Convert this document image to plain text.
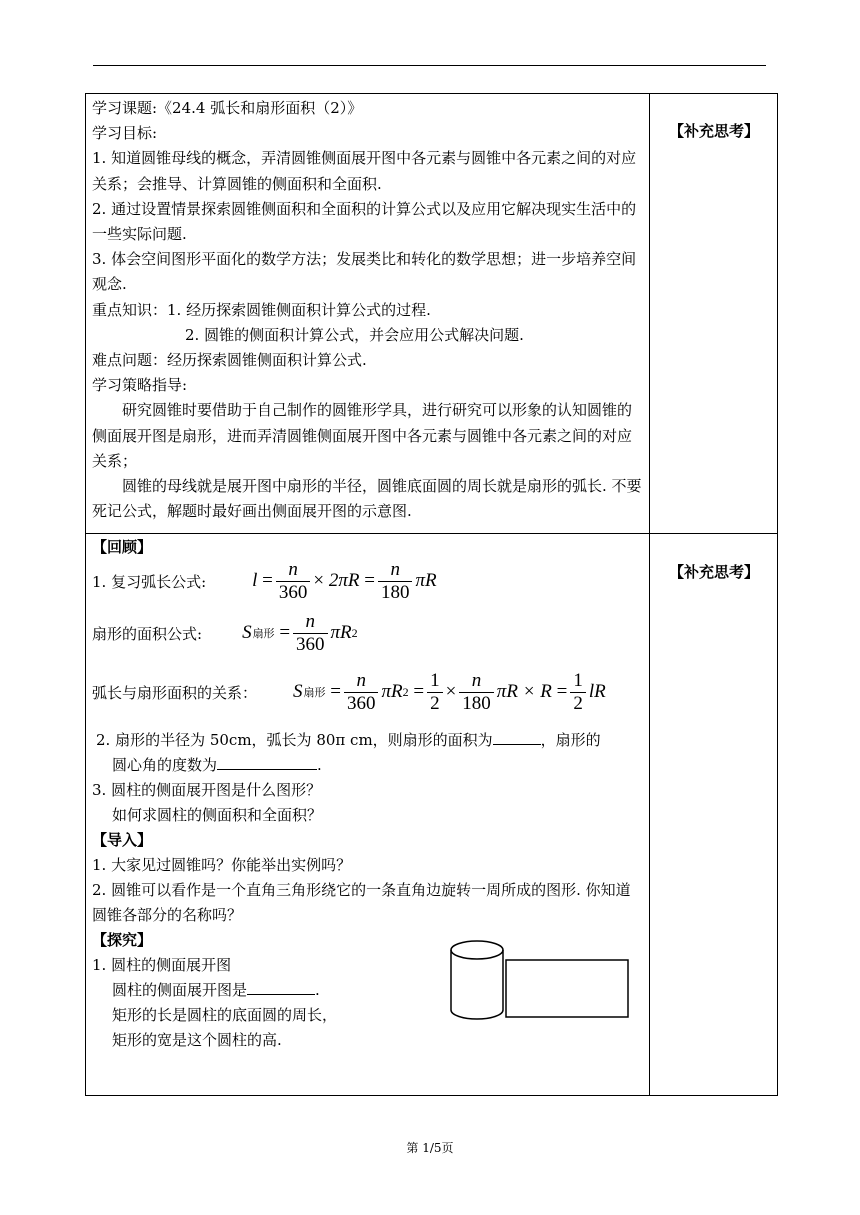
【补充思考】
【补充思考】

学习课题:《24.4 弧长和扇形面积（2）》

学习目标:

1. 知道圆锥母线的概念，弄清圆锥侧面展开图中各元素与圆锥中各元素之间的对应关系；会推导、计算圆锥的侧面积和全面积.

2. 通过设置情景探索圆锥侧面积和全面积的计算公式以及应用它解决现实生活中的一些实际问题.

3. 体会空间图形平面化的数学方法；发展类比和转化的数学思想；进一步培养空间观念.

重点知识：1. 经历探索圆锥侧面积计算公式的过程.

2. 圆锥的侧面积计算公式，并会应用公式解决问题.

难点问题：经历探索圆锥侧面积计算公式.

学习策略指导:

研究圆锥时要借助于自己制作的圆锥形学具，进行研究可以形象的认知圆锥的侧面展开图是扇形，进而弄清圆锥侧面展开图中各元素与圆锥中各元素之间的对应关系；

圆锥的母线就是展开图中扇形的半径，圆锥底面圆的周长就是扇形的弧长. 不要死记公式，解题时最好画出侧面展开图的示意图.

【回顾】

1. 复习弧长公式: l
= $\frac{n}{360}$ ×
2πR
= $\frac{n}{180}$ πR
扇形的面积公式: S 扇形
= $\frac{n}{360}$ πR 2
弧长与扇形面积的关系： S 扇形
= $\frac{n}{360}$ πR 2
= $\frac{1}{2} \times \frac{n}{180}$ πR × R
= $\frac{1}{2}$ lR

2. 扇形的半径为 50cm，弧长为 80π cm，则扇形的面积为	，扇形的

圆心角的度数为	.

3. 圆柱的侧面展开图是什么图形？

如何求圆柱的侧面积和全面积？

【导入】

1. 大家见过圆锥吗？你能举出实例吗？

2. 圆锥可以看作是一个直角三角形绕它的一条直角边旋转一周所成的图形. 你知道圆锥各部分的名称吗？

【探究】

1. 圆柱的侧面展开图

圆柱的侧面展开图是	.

矩形的长是圆柱的底面圆的周长，

矩形的宽是这个圆柱的高.

第 1/5页
